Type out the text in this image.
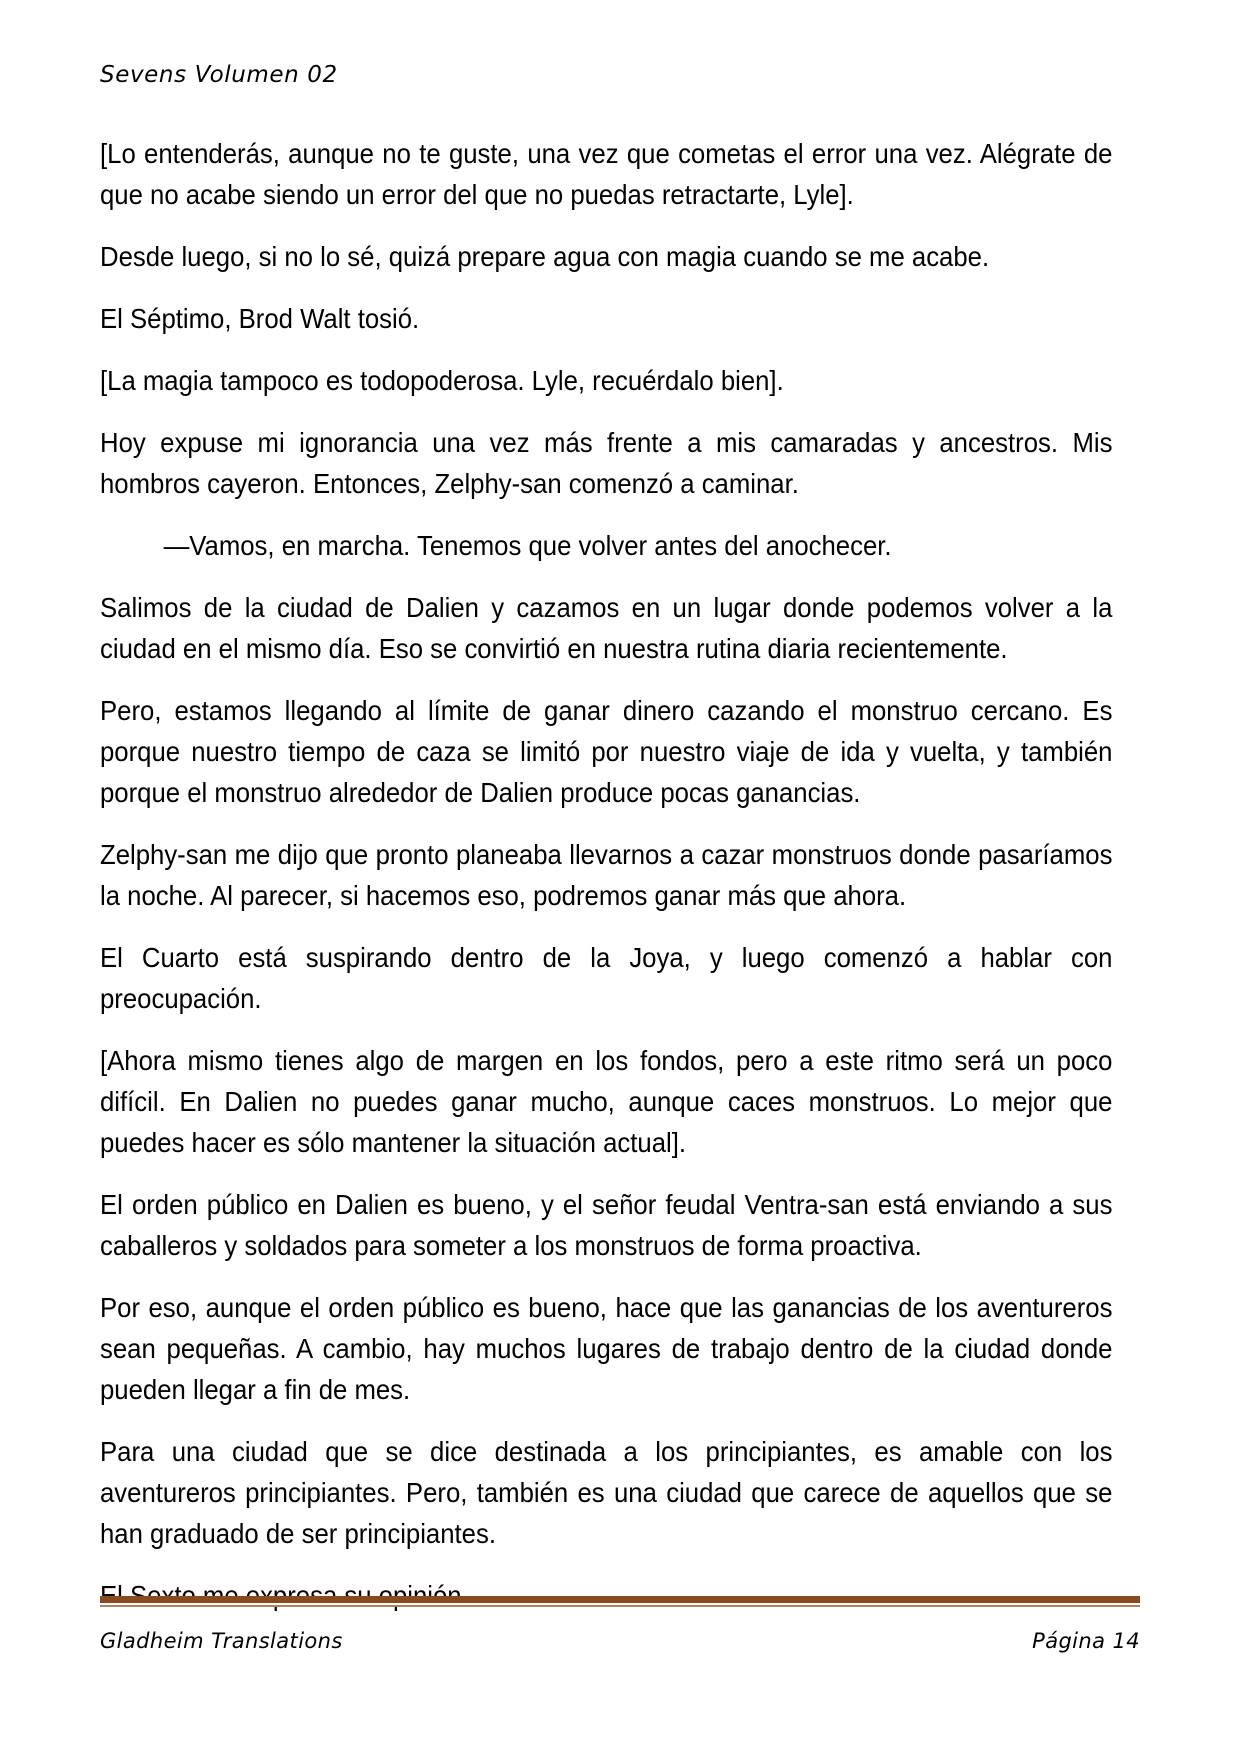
Sevens Volumen 02

[Lo entenderás, aunque no te guste, una vez que cometas el error una vez. Alégrate de que no acabe siendo un error del que no puedas retractarte, Lyle].

Desde luego, si no lo sé, quizá prepare agua con magia cuando se me acabe.

El Séptimo, Brod Walt tosió.

[La magia tampoco es todopoderosa. Lyle, recuérdalo bien].

Hoy expuse mi ignorancia una vez más frente a mis camaradas y ancestros. Mis hombros cayeron. Entonces, Zelphy-san comenzó a caminar.

—Vamos, en marcha. Tenemos que volver antes del anochecer.

Salimos de la ciudad de Dalien y cazamos en un lugar donde podemos volver a la ciudad en el mismo día. Eso se convirtió en nuestra rutina diaria recientemente.

Pero, estamos llegando al límite de ganar dinero cazando el monstruo cercano. Es porque nuestro tiempo de caza se limitó por nuestro viaje de ida y vuelta, y también porque el monstruo alrededor de Dalien produce pocas ganancias.

Zelphy-san me dijo que pronto planeaba llevarnos a cazar monstruos donde pasaríamos la noche. Al parecer, si hacemos eso, podremos ganar más que ahora.

El Cuarto está suspirando dentro de la Joya, y luego comenzó a hablar con preocupación.

[Ahora mismo tienes algo de margen en los fondos, pero a este ritmo será un poco difícil. En Dalien no puedes ganar mucho, aunque caces monstruos. Lo mejor que puedes hacer es sólo mantener la situación actual].

El orden público en Dalien es bueno, y el señor feudal Ventra-san está enviando a sus caballeros y soldados para someter a los monstruos de forma proactiva.

Por eso, aunque el orden público es bueno, hace que las ganancias de los aventureros sean pequeñas. A cambio, hay muchos lugares de trabajo dentro de la ciudad donde pueden llegar a fin de mes.

Para una ciudad que se dice destinada a los principiantes, es amable con los aventureros principiantes. Pero, también es una ciudad que carece de aquellos que se han graduado de ser principiantes.

Gladheim Translations	Página 14
